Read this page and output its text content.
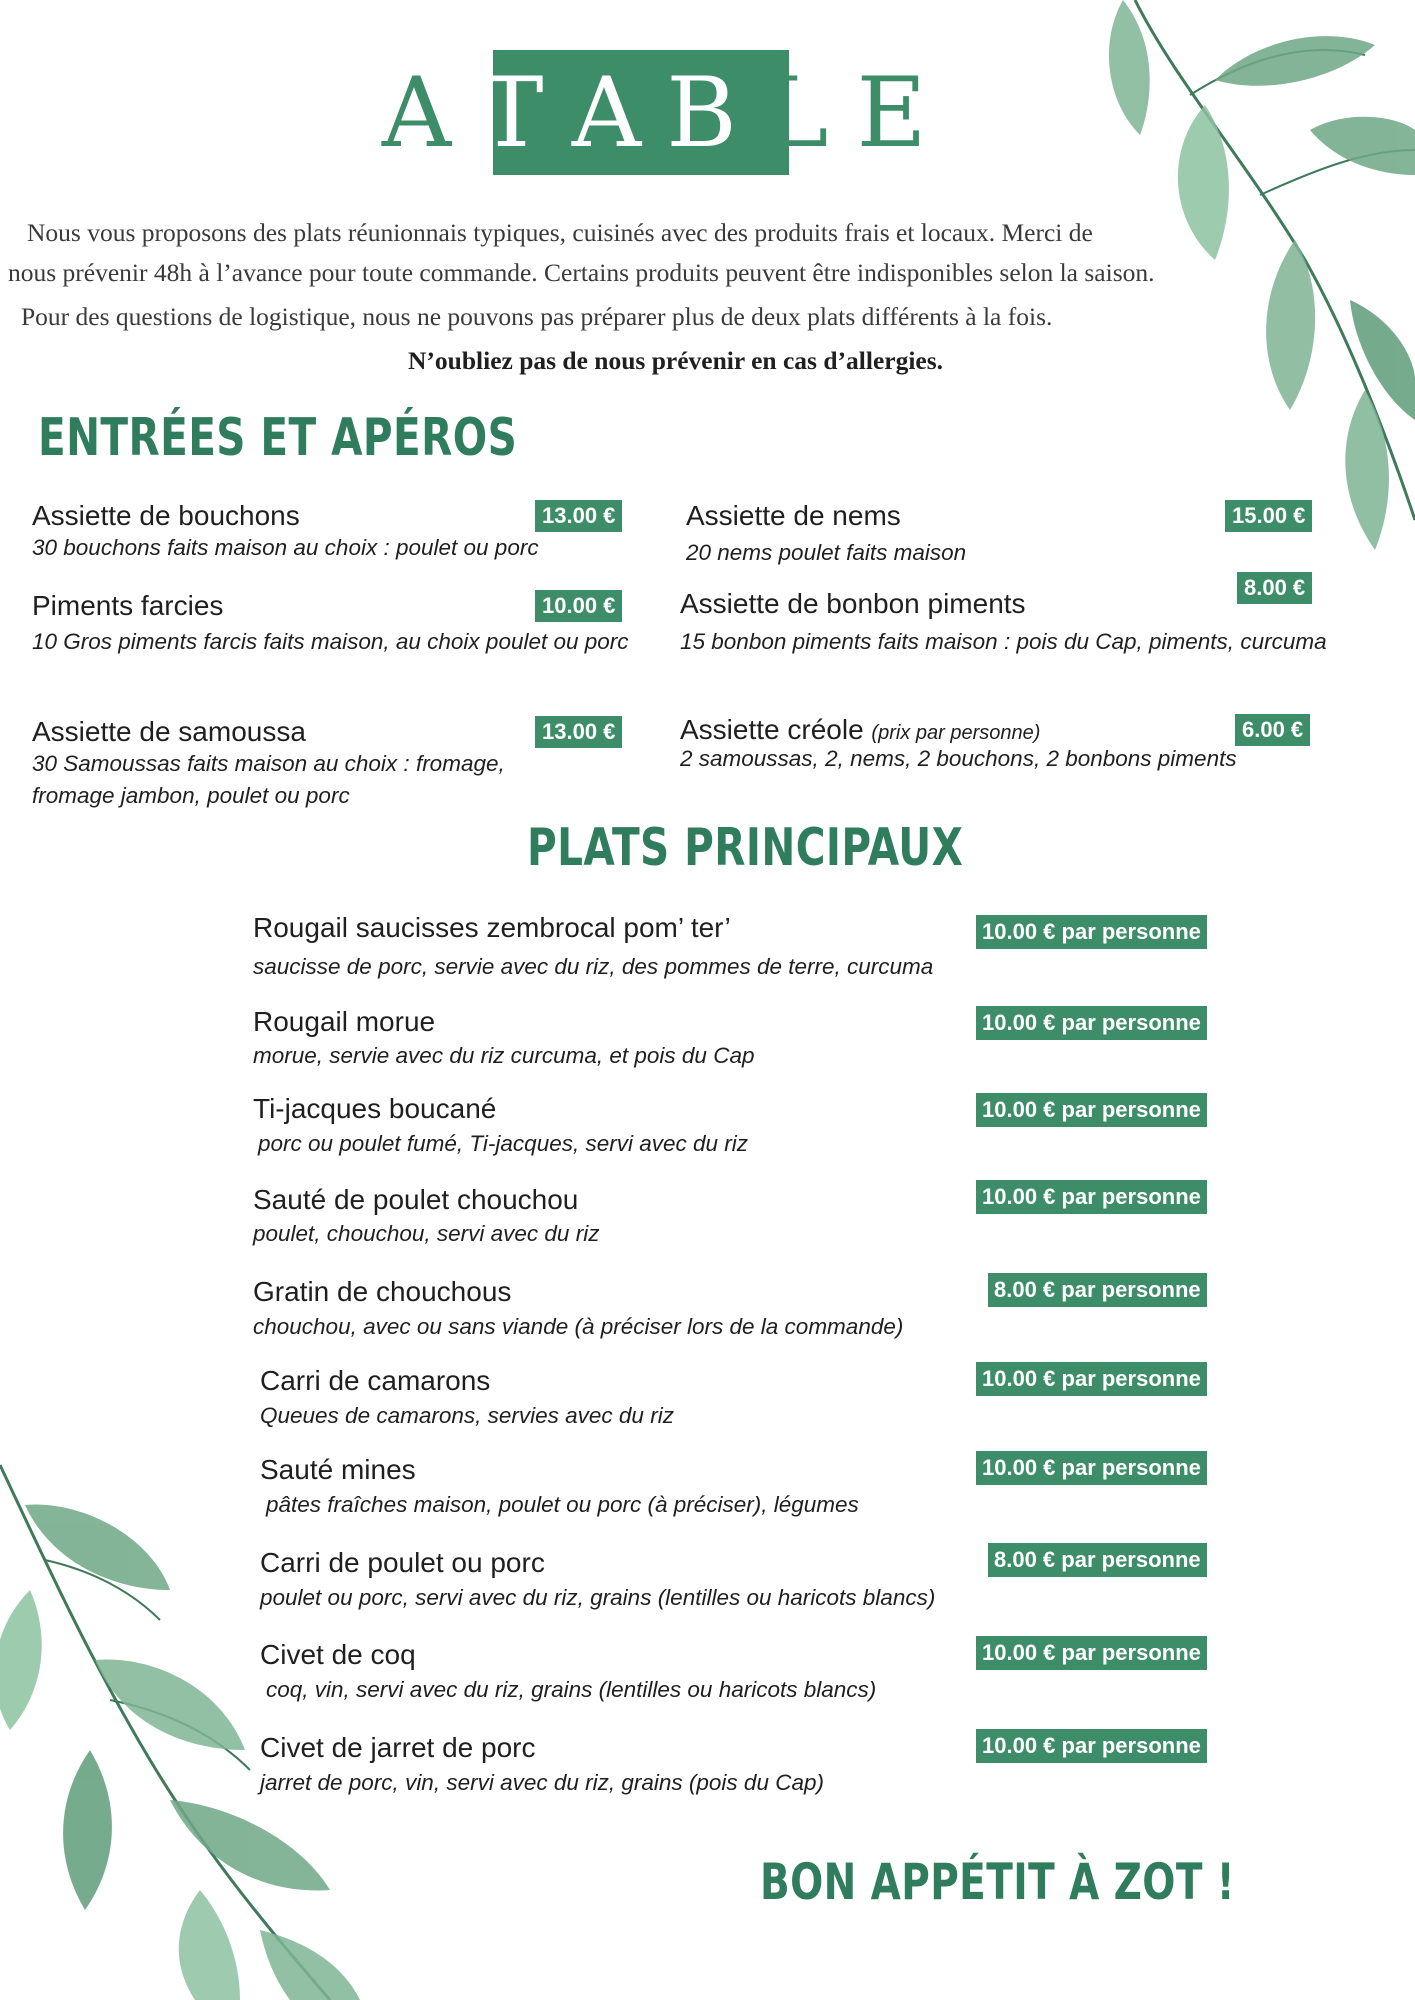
A T A B L E

Nous vous proposons des plats réunionnais typiques, cuisinés avec des produits frais et locaux. Merci de

nous prévenir 48h à l’avance pour toute commande. Certains produits peuvent être indisponibles selon la saison.

Pour des questions de logistique, nous ne pouvons pas préparer plus de deux plats différents à la fois.

N’oubliez pas de nous prévenir en cas d’allergies.

ENTRÉES ET APÉROS
Assiette de bouchons	13.00 €
30 bouchons faits maison au choix : poulet ou porc
Piments farcies	10.00 €
10 Gros piments farcis faits maison, au choix poulet ou porc
Assiette de samoussa	13.00 €
30 Samoussas faits maison au choix : fromage, fromage jambon, poulet ou porc
Assiette de nems	15.00 €
20 nems poulet faits maison
8.00 €
Assiette de bonbon piments
15 bonbon piments faits maison : pois du Cap, piments, curcuma
Assiette créole (prix par personne)	6.00 €
2 samoussas, 2, nems, 2 bouchons, 2 bonbons piments
PLATS PRINCIPAUX
Rougail saucisses zembrocal pom’ ter’	10.00 € par personne
saucisse de porc, servie avec du riz, des pommes de terre, curcuma
Rougail morue	10.00 € par personne
morue, servie avec du riz curcuma, et pois du Cap
Ti-jacques boucané	10.00 € par personne
porc ou poulet fumé, Ti-jacques, servi avec du riz
Sauté de poulet chouchou	10.00 € par personne
poulet, chouchou, servi avec du riz
Gratin de chouchous	8.00 € par personne
chouchou, avec ou sans viande (à préciser lors de la commande)
Carri de camarons	10.00 € par personne
Queues de camarons, servies avec du riz
Sauté mines	10.00 € par personne
pâtes fraîches maison, poulet ou porc (à préciser), légumes
Carri de poulet ou porc	8.00 € par personne
poulet ou porc, servi avec du riz, grains (lentilles ou haricots blancs)
Civet de coq	10.00 € par personne
coq, vin, servi avec du riz, grains (lentilles ou haricots blancs)
Civet de jarret de porc	10.00 € par personne
jarret de porc, vin, servi avec du riz, grains (pois du Cap)
BON APPÉTIT À ZOT !
